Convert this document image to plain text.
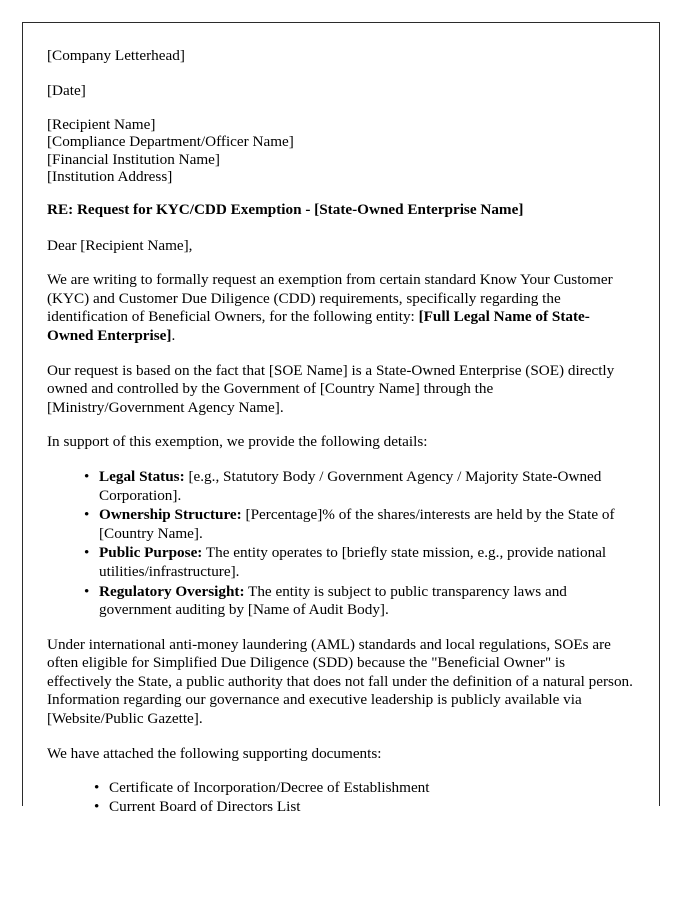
[Company Letterhead]
[Date]
[Recipient Name]
[Compliance Department/Officer Name]
[Financial Institution Name]
[Institution Address]
RE: Request for KYC/CDD Exemption - [State-Owned Enterprise Name]

Dear [Recipient Name],

We are writing to formally request an exemption from certain standard Know Your Customer (KYC) and Customer Due Diligence (CDD) requirements, specifically regarding the identification of Beneficial Owners, for the following entity: [Full Legal Name of State-Owned Enterprise].

Our request is based on the fact that [SOE Name] is a State-Owned Enterprise (SOE) directly owned and controlled by the Government of [Country Name] through the [Ministry/Government Agency Name].

In support of this exemption, we provide the following details:

• Legal Status: [e.g., Statutory Body / Government Agency / Majority State-Owned Corporation].
• Ownership Structure: [Percentage]% of the shares/interests are held by the State of [Country Name].
• Public Purpose: The entity operates to [briefly state mission, e.g., provide national utilities/infrastructure].
• Regulatory Oversight: The entity is subject to public transparency laws and government auditing by [Name of Audit Body].

Under international anti-money laundering (AML) standards and local regulations, SOEs are often eligible for Simplified Due Diligence (SDD) because the "Beneficial Owner" is effectively the State, a public authority that does not fall under the definition of a natural person. Information regarding our governance and executive leadership is publicly available via [Website/Public Gazette].

We have attached the following supporting documents:

• Certificate of Incorporation/Decree of Establishment
• Current Board of Directors List
